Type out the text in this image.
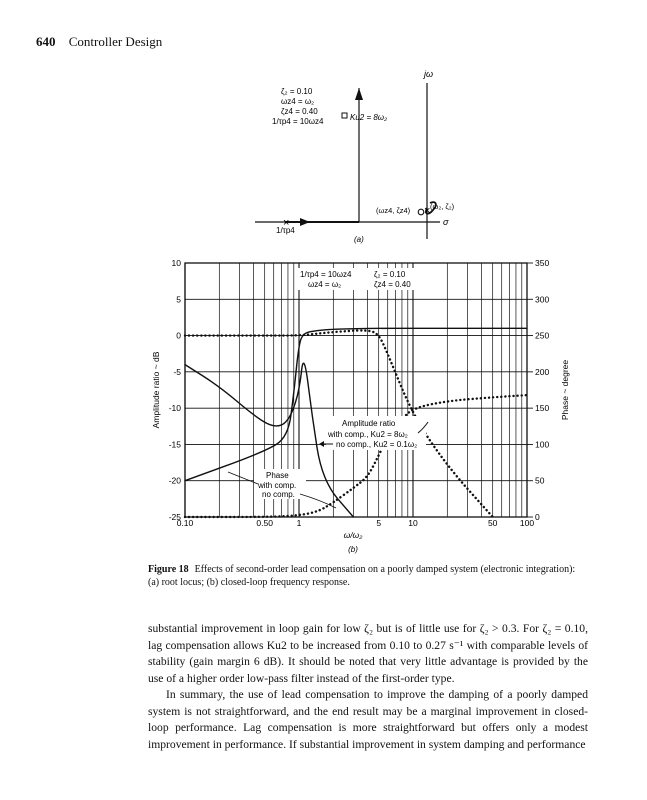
640 Controller Design
jω
σ
×
×
ζ₂ = 0.10
ωz4 = ω₂
ζz4 = 0.40
1/τp4 = 10ωz4	Ku2 = 8ω₂
(ω₂, ζ₂)
(ωz4, ζz4)
1/τp4
(a)
10
5
0
-5
-10
-15
-20
-25	0
50
100
150
200
250
300
350
0.10	0.50	1	5	10	50	100
Amplitude ratio ~ dB	Phase ~ degree
ω/ω₂
(b)
1/τp4 = 10ωz4
ωz4 = ω₂
ζ₂ = 0.10
ζz4 = 0.40
Amplitude ratio
with comp., Ku2 = 8ω₂
no comp., Ku2 = 0.1ω₂
Phase
with comp.
no comp.
Figure 18 Effects of second-order lead compensation on a poorly damped system (electronic integration): (a) root locus; (b) closed-loop frequency response.

substantial improvement in loop gain for low ζ₂ but is of little use for ζ₂ > 0.3. For ζ₂ = 0.10, lag compensation allows Ku2 to be increased from 0.10 to 0.27 s⁻¹ with comparable levels of stability (gain margin 6 dB). It should be noted that very little advantage is provided by the use of a higher order low-pass filter instead of the first-order type.

In summary, the use of lead compensation to improve the damping of a poorly damped system is not straightforward, and the end result may be a marginal improvement in closed-loop performance. Lag compensation is more straightforward but offers only a modest improvement in performance. If substantial improvement in system damping and performance
